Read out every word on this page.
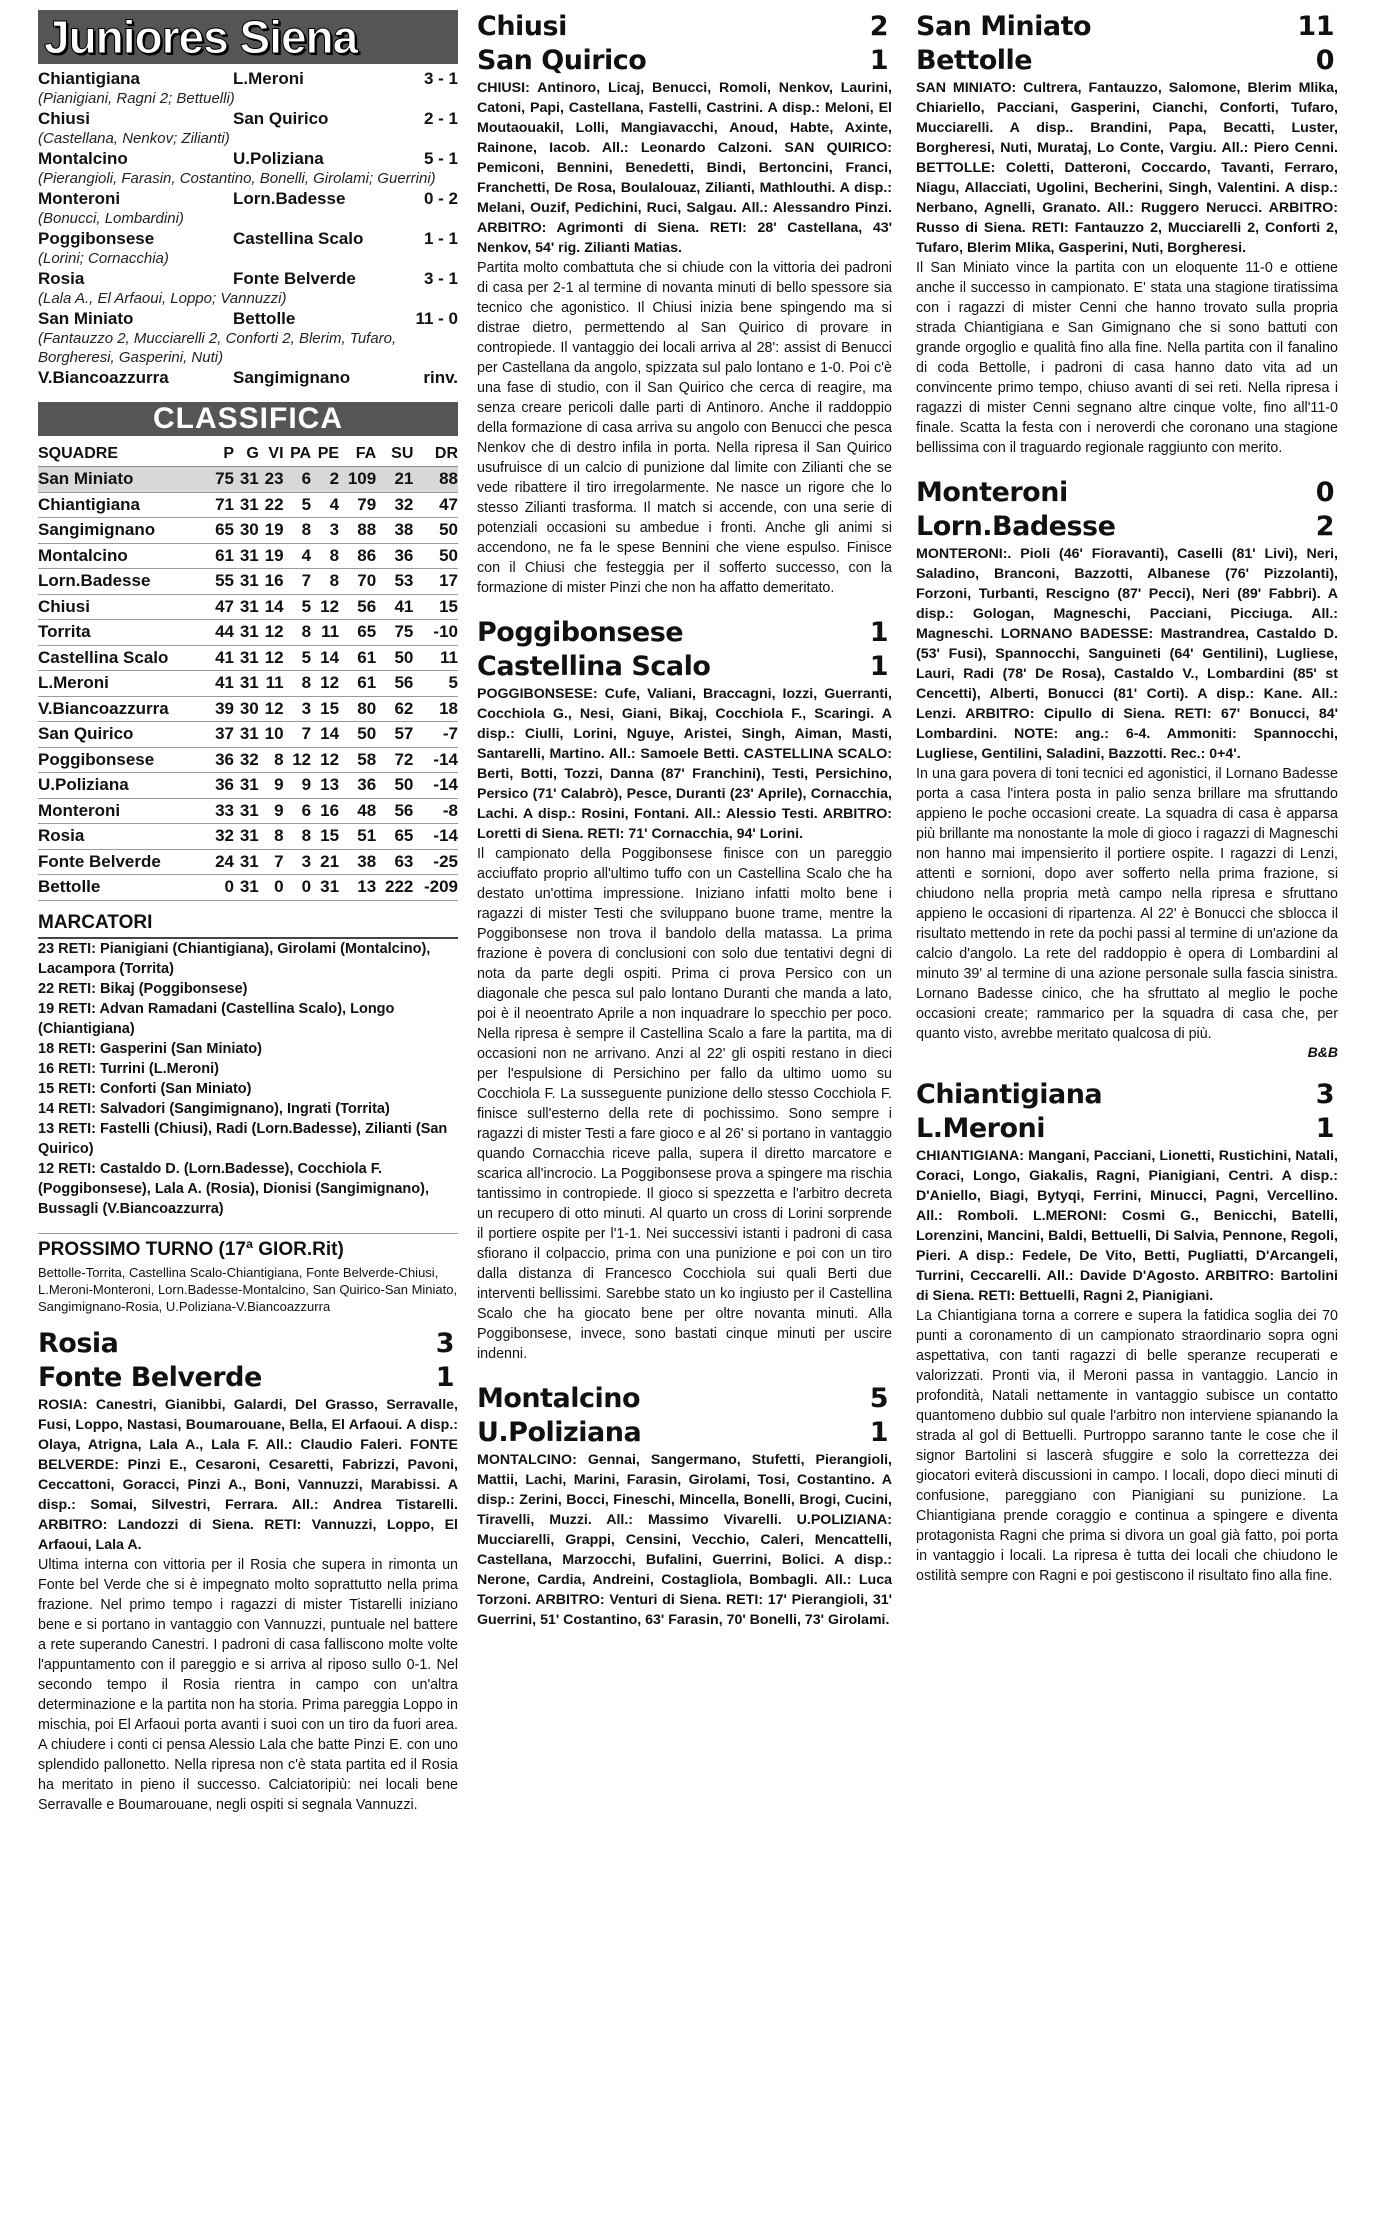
Juniores Siena
Chiantigiana	L.Meroni	3 - 1
(Pianigiani, Ragni 2; Bettuelli)		
Chiusi	San Quirico	2 - 1
(Castellana, Nenkov; Zilianti)		
Montalcino	U.Poliziana	5 - 1
(Pierangioli, Farasin, Costantino, Bonelli, Girolami; Guerrini)		
Monteroni	Lorn.Badesse	0 - 2
(Bonucci, Lombardini)		
Poggibonsese	Castellina Scalo	1 - 1
(Lorini; Cornacchia)		
Rosia	Fonte Belverde	3 - 1
(Lala A., El Arfaoui, Loppo; Vannuzzi)		
San Miniato	Bettolle	11 - 0
(Fantauzzo 2, Mucciarelli 2, Conforti 2, Blerim, Tufaro, Borgheresi, Gasperini, Nuti)		
V.Biancoazzurra	Sangimignano	rinv.
CLASSIFICA
SQUADRE	P	G	VI	PA	PE	FA	SU	DR
San Miniato	75	31	23	6	2	109	21	88
Chiantigiana	71	31	22	5	4	79	32	47
Sangimignano	65	30	19	8	3	88	38	50
Montalcino	61	31	19	4	8	86	36	50
Lorn.Badesse	55	31	16	7	8	70	53	17
Chiusi	47	31	14	5	12	56	41	15
Torrita	44	31	12	8	11	65	75	-10
Castellina Scalo	41	31	12	5	14	61	50	11
L.Meroni	41	31	11	8	12	61	56	5
V.Biancoazzurra	39	30	12	3	15	80	62	18
San Quirico	37	31	10	7	14	50	57	-7
Poggibonsese	36	32	8	12	12	58	72	-14
U.Poliziana	36	31	9	9	13	36	50	-14
Monteroni	33	31	9	6	16	48	56	-8
Rosia	32	31	8	8	15	51	65	-14
Fonte Belverde	24	31	7	3	21	38	63	-25
Bettolle	0	31	0	0	31	13	222	-209
MARCATORI
23 RETI: Pianigiani (Chiantigiana), Girolami (Montalcino), Lacampora (Torrita)
22 RETI: Bikaj (Poggibonsese)
19 RETI: Advan Ramadani (Castellina Scalo), Longo (Chiantigiana)
18 RETI: Gasperini (San Miniato)
16 RETI: Turrini (L.Meroni)
15 RETI: Conforti (San Miniato)
14 RETI: Salvadori (Sangimignano), Ingrati (Torrita)
13 RETI: Fastelli (Chiusi), Radi (Lorn.Badesse), Zilianti (San Quirico)
12 RETI: Castaldo D. (Lorn.Badesse), Cocchiola F. (Poggibonsese), Lala A. (Rosia), Dionisi (Sangimignano), Bussagli (V.Biancoazzurra)
PROSSIMO TURNO (17ª GIOR.Rit)
Bettolle-Torrita, Castellina Scalo-Chiantigiana, Fonte Belverde-Chiusi, L.Meroni-Monteroni, Lorn.Badesse-Montalcino, San Quirico-San Miniato, Sangimignano-Rosia, U.Poliziana-V.Biancoazzurra
Rosia	3
Fonte Belverde	1
ROSIA: Canestri, Gianibbi, Galardi, Del Grasso, Serravalle, Fusi, Loppo, Nastasi, Boumarouane, Bella, El Arfaoui. A disp.: Olaya, Atrigna, Lala A., Lala F. All.: Claudio Faleri. FONTE BELVERDE: Pinzi E., Cesaroni, Cesaretti, Fabrizzi, Pavoni, Ceccattoni, Goracci, Pinzi A., Boni, Vannuzzi, Marabissi. A disp.: Somai, Silvestri, Ferrara. All.: Andrea Tistarelli. ARBITRO: Landozzi di Siena. RETI: Vannuzzi, Loppo, El Arfaoui, Lala A.
Ultima interna con vittoria per il Rosia che supera in rimonta un Fonte bel Verde che si è impegnato molto soprattutto nella prima frazione. Nel primo tempo i ragazzi di mister Tistarelli iniziano bene e si portano in vantaggio con Vannuzzi, puntuale nel battere a rete superando Canestri. I padroni di casa falliscono molte volte l'appuntamento con il pareggio e si arriva al riposo sullo 0-1. Nel secondo tempo il Rosia rientra in campo con un'altra determinazione e la partita non ha storia. Prima pareggia Loppo in mischia, poi El Arfaoui porta avanti i suoi con un tiro da fuori area. A chiudere i conti ci pensa Alessio Lala che batte Pinzi E. con uno splendido pallonetto. Nella ripresa non c'è stata partita ed il Rosia ha meritato in pieno il successo. Calciatoripiù: nei locali bene Serravalle e Boumarouane, negli ospiti si segnala Vannuzzi.
Chiusi	2
San Quirico	1
CHIUSI: Antinoro, Licaj, Benucci, Romoli, Nenkov, Laurini, Catoni, Papi, Castellana, Fastelli, Castrini. A disp.: Meloni, El Moutaouakil, Lolli, Mangiavacchi, Anoud, Habte, Axinte, Rainone, Iacob. All.: Leonardo Calzoni. SAN QUIRICO: Pemiconi, Bennini, Benedetti, Bindi, Bertoncini, Franci, Franchetti, De Rosa, Boulalouaz, Zilianti, Mathlouthi. A disp.: Melani, Ouzif, Pedichini, Ruci, Salgau. All.: Alessandro Pinzi. ARBITRO: Agrimonti di Siena. RETI: 28' Castellana, 43' Nenkov, 54' rig. Zilianti Matias.
Partita molto combattuta che si chiude con la vittoria dei padroni di casa per 2-1 al termine di novanta minuti di bello spessore sia tecnico che agonistico. Il Chiusi inizia bene spingendo ma si distrae dietro, permettendo al San Quirico di provare in contropiede. Il vantaggio dei locali arriva al 28': assist di Benucci per Castellana da angolo, spizzata sul palo lontano e 1-0. Poi c'è una fase di studio, con il San Quirico che cerca di reagire, ma senza creare pericoli dalle parti di Antinoro. Anche il raddoppio della formazione di casa arriva su angolo con Benucci che pesca Nenkov che di destro infila in porta. Nella ripresa il San Quirico usufruisce di un calcio di punizione dal limite con Zilianti che se vede ribattere il tiro irregolarmente. Ne nasce un rigore che lo stesso Zilianti trasforma. Il match si accende, con una serie di potenziali occasioni su ambedue i fronti. Anche gli animi si accendono, ne fa le spese Bennini che viene espulso. Finisce con il Chiusi che festeggia per il sofferto successo, con la formazione di mister Pinzi che non ha affatto demeritato.
Poggibonsese	1
Castellina Scalo	1
POGGIBONSESE: Cufe, Valiani, Braccagni, Iozzi, Guerranti, Cocchiola G., Nesi, Giani, Bikaj, Cocchiola F., Scaringi. A disp.: Ciulli, Lorini, Nguye, Aristei, Singh, Aiman, Masti, Santarelli, Martino. All.: Samoele Betti. CASTELLINA SCALO: Berti, Botti, Tozzi, Danna (87' Franchini), Testi, Persichino, Persico (71' Calabrò), Pesce, Duranti (23' Aprile), Cornacchia, Lachi. A disp.: Rosini, Fontani. All.: Alessio Testi. ARBITRO: Loretti di Siena. RETI: 71' Cornacchia, 94' Lorini.
Il campionato della Poggibonsese finisce con un pareggio acciuffato proprio all'ultimo tuffo con un Castellina Scalo che ha destato un'ottima impressione. Iniziano infatti molto bene i ragazzi di mister Testi che sviluppano buone trame, mentre la Poggibonsese non trova il bandolo della matassa. La prima frazione è povera di conclusioni con solo due tentativi degni di nota da parte degli ospiti. Prima ci prova Persico con un diagonale che pesca sul palo lontano Duranti che manda a lato, poi è il neoentrato Aprile a non inquadrare lo specchio per poco. Nella ripresa è sempre il Castellina Scalo a fare la partita, ma di occasioni non ne arrivano. Anzi al 22' gli ospiti restano in dieci per l'espulsione di Persichino per fallo da ultimo uomo su Cocchiola F. La susseguente punizione dello stesso Cocchiola F. finisce sull'esterno della rete di pochissimo. Sono sempre i ragazzi di mister Testi a fare gioco e al 26' si portano in vantaggio quando Cornacchia riceve palla, supera il diretto marcatore e scarica all'incrocio. La Poggibonsese prova a spingere ma rischia tantissimo in contropiede. Il gioco si spezzetta e l'arbitro decreta un recupero di otto minuti. Al quarto un cross di Lorini sorprende il portiere ospite per l'1-1. Nei successivi istanti i padroni di casa sfiorano il colpaccio, prima con una punizione e poi con un tiro dalla distanza di Francesco Cocchiola sui quali Berti due interventi bellissimi. Sarebbe stato un ko ingiusto per il Castellina Scalo che ha giocato bene per oltre novanta minuti. Alla Poggibonsese, invece, sono bastati cinque minuti per uscire indenni.
Montalcino	5
U.Poliziana	1
MONTALCINO: Gennai, Sangermano, Stufetti, Pierangioli, Mattii, Lachi, Marini, Farasin, Girolami, Tosi, Costantino. A disp.: Zerini, Bocci, Fineschi, Mincella, Bonelli, Brogi, Cucini, Tiravelli, Muzzi. All.: Massimo Vivarelli. U.POLIZIANA: Mucciarelli, Grappi, Censini, Vecchio, Caleri, Mencattelli, Castellana, Marzocchi, Bufalini, Guerrini, Bolici. A disp.: Nerone, Cardia, Andreini, Costagliola, Bombagli. All.: Luca Torzoni. ARBITRO: Venturi di Siena. RETI: 17' Pierangioli, 31' Guerrini, 51' Costantino, 63' Farasin, 70' Bonelli, 73' Girolami.
San Miniato	11
Bettolle	0
SAN MINIATO: Cultrera, Fantauzzo, Salomone, Blerim Mlika, Chiariello, Pacciani, Gasperini, Cianchi, Conforti, Tufaro, Mucciarelli. A disp.. Brandini, Papa, Becatti, Luster, Borgheresi, Nuti, Murataj, Lo Conte, Vargiu. All.: Piero Cenni. BETTOLLE: Coletti, Datteroni, Coccardo, Tavanti, Ferraro, Niagu, Allacciati, Ugolini, Becherini, Singh, Valentini. A disp.: Nerbano, Agnelli, Granato. All.: Ruggero Nerucci. ARBITRO: Russo di Siena. RETI: Fantauzzo 2, Mucciarelli 2, Conforti 2, Tufaro, Blerim Mlika, Gasperini, Nuti, Borgheresi.
Il San Miniato vince la partita con un eloquente 11-0 e ottiene anche il successo in campionato. E' stata una stagione tiratissima con i ragazzi di mister Cenni che hanno trovato sulla propria strada Chiantigiana e San Gimignano che si sono battuti con grande orgoglio e qualità fino alla fine. Nella partita con il fanalino di coda Bettolle, i padroni di casa hanno dato vita ad un convincente primo tempo, chiuso avanti di sei reti. Nella ripresa i ragazzi di mister Cenni segnano altre cinque volte, fino all'11-0 finale. Scatta la festa con i neroverdi che coronano una stagione bellissima con il traguardo regionale raggiunto con merito.
Monteroni	0
Lorn.Badesse	2
MONTERONI:. Pioli (46' Fioravanti), Caselli (81' Livi), Neri, Saladino, Branconi, Bazzotti, Albanese (76' Pizzolanti), Forzoni, Turbanti, Rescigno (87' Pecci), Neri (89' Fabbri). A disp.: Gologan, Magneschi, Pacciani, Picciuga. All.: Magneschi. LORNANO BADESSE: Mastrandrea, Castaldo D. (53' Fusi), Spannocchi, Sanguineti (64' Gentilini), Lugliese, Lauri, Radi (78' De Rosa), Castaldo V., Lombardini (85' st Cencetti), Alberti, Bonucci (81' Corti). A disp.: Kane. All.: Lenzi. ARBITRO: Cipullo di Siena. RETI: 67' Bonucci, 84' Lombardini. NOTE: ang.: 6-4. Ammoniti: Spannocchi, Lugliese, Gentilini, Saladini, Bazzotti. Rec.: 0+4'.
In una gara povera di toni tecnici ed agonistici, il Lornano Badesse porta a casa l'intera posta in palio senza brillare ma sfruttando appieno le poche occasioni create. La squadra di casa è apparsa più brillante ma nonostante la mole di gioco i ragazzi di Magneschi non hanno mai impensierito il portiere ospite. I ragazzi di Lenzi, attenti e sornioni, dopo aver sofferto nella prima frazione, si chiudono nella propria metà campo nella ripresa e sfruttano appieno le occasioni di ripartenza. Al 22' è Bonucci che sblocca il risultato mettendo in rete da pochi passi al termine di un'azione da calcio d'angolo. La rete del raddoppio è opera di Lombardini al minuto 39' al termine di una azione personale sulla fascia sinistra. Lornano Badesse cinico, che ha sfruttato al meglio le poche occasioni create; rammarico per la squadra di casa che, per quanto visto, avrebbe meritato qualcosa di più.
B&B
Chiantigiana	3
L.Meroni	1
CHIANTIGIANA: Mangani, Pacciani, Lionetti, Rustichini, Natali, Coraci, Longo, Giakalis, Ragni, Pianigiani, Centri. A disp.: D'Aniello, Biagi, Bytyqi, Ferrini, Minucci, Pagni, Vercellino. All.: Romboli. L.MERONI: Cosmi G., Benicchi, Batelli, Lorenzini, Mancini, Baldi, Bettuelli, Di Salvia, Pennone, Regoli, Pieri. A disp.: Fedele, De Vito, Betti, Pugliatti, D'Arcangeli, Turrini, Ceccarelli. All.: Davide D'Agosto. ARBITRO: Bartolini di Siena. RETI: Bettuelli, Ragni 2, Pianigiani.
La Chiantigiana torna a correre e supera la fatidica soglia dei 70 punti a coronamento di un campionato straordinario sopra ogni aspettativa, con tanti ragazzi di belle speranze recuperati e valorizzati. Pronti via, il Meroni passa in vantaggio. Lancio in profondità, Natali nettamente in vantaggio subisce un contatto quantomeno dubbio sul quale l'arbitro non interviene spianando la strada al gol di Bettuelli. Purtroppo saranno tante le cose che il signor Bartolini si lascerà sfuggire e solo la correttezza dei giocatori eviterà discussioni in campo. I locali, dopo dieci minuti di confusione, pareggiano con Pianigiani su punizione. La Chiantigiana prende coraggio e continua a spingere e diventa protagonista Ragni che prima si divora un goal già fatto, poi porta in vantaggio i locali. La ripresa è tutta dei locali che chiudono le ostilità sempre con Ragni e poi gestiscono il risultato fino alla fine.
